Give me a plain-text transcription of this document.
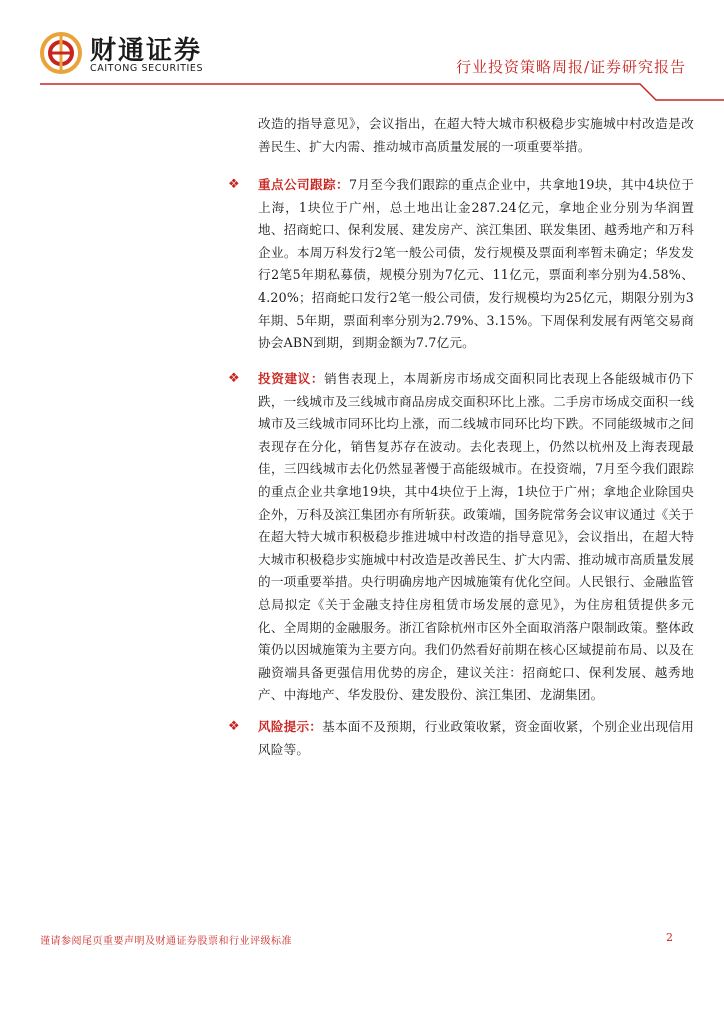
财通证券
CAITONG SECURITIES	行业投资策略周报/证券研究报告

改造的指导意见》，会议指出，在超大特大城市积极稳步实施城中村改造是改善民生、扩大内需、推动城市高质量发展的一项重要举措。

❖ 重点公司跟踪：7月至今我们跟踪的重点企业中，共拿地19块，其中4块位于上海，1块位于广州，总土地出让金287.24亿元，拿地企业分别为华润置地、招商蛇口、保利发展、建发房产、滨江集团、联发集团、越秀地产和万科企业。本周万科发行2笔一般公司债，发行规模及票面利率暂未确定；华发发行2笔5年期私募债，规模分别为7亿元、11亿元，票面利率分别为4.58%、4.20%；招商蛇口发行2笔一般公司债，发行规模均为25亿元，期限分别为3年期、5年期，票面利率分别为2.79%、3.15%。下周保利发展有两笔交易商协会ABN到期，到期金额为7.7亿元。

❖ 投资建议：销售表现上，本周新房市场成交面积同比表现上各能级城市仍下跌，一线城市及三线城市商品房成交面积环比上涨。二手房市场成交面积一线城市及三线城市同环比均上涨，而二线城市同环比均下跌。不同能级城市之间表现存在分化，销售复苏存在波动。去化表现上，仍然以杭州及上海表现最佳，三四线城市去化仍然显著慢于高能级城市。在投资端，7月至今我们跟踪的重点企业共拿地19块，其中4块位于上海，1块位于广州；拿地企业除国央企外，万科及滨江集团亦有所斩获。政策端，国务院常务会议审议通过《关于在超大特大城市积极稳步推进城中村改造的指导意见》，会议指出，在超大特大城市积极稳步实施城中村改造是改善民生、扩大内需、推动城市高质量发展的一项重要举措。央行明确房地产因城施策有优化空间。人民银行、金融监管总局拟定《关于金融支持住房租赁市场发展的意见》，为住房租赁提供多元化、全周期的金融服务。浙江省除杭州市区外全面取消落户限制政策。整体政策仍以因城施策为主要方向。我们仍然看好前期在核心区域提前布局、以及在融资端具备更强信用优势的房企，建议关注：招商蛇口、保利发展、越秀地产、中海地产、华发股份、建发股份、滨江集团、龙湖集团。

❖ 风险提示：基本面不及预期，行业政策收紧，资金面收紧，个别企业出现信用风险等。

谨请参阅尾页重要声明及财通证券股票和行业评级标准	2
